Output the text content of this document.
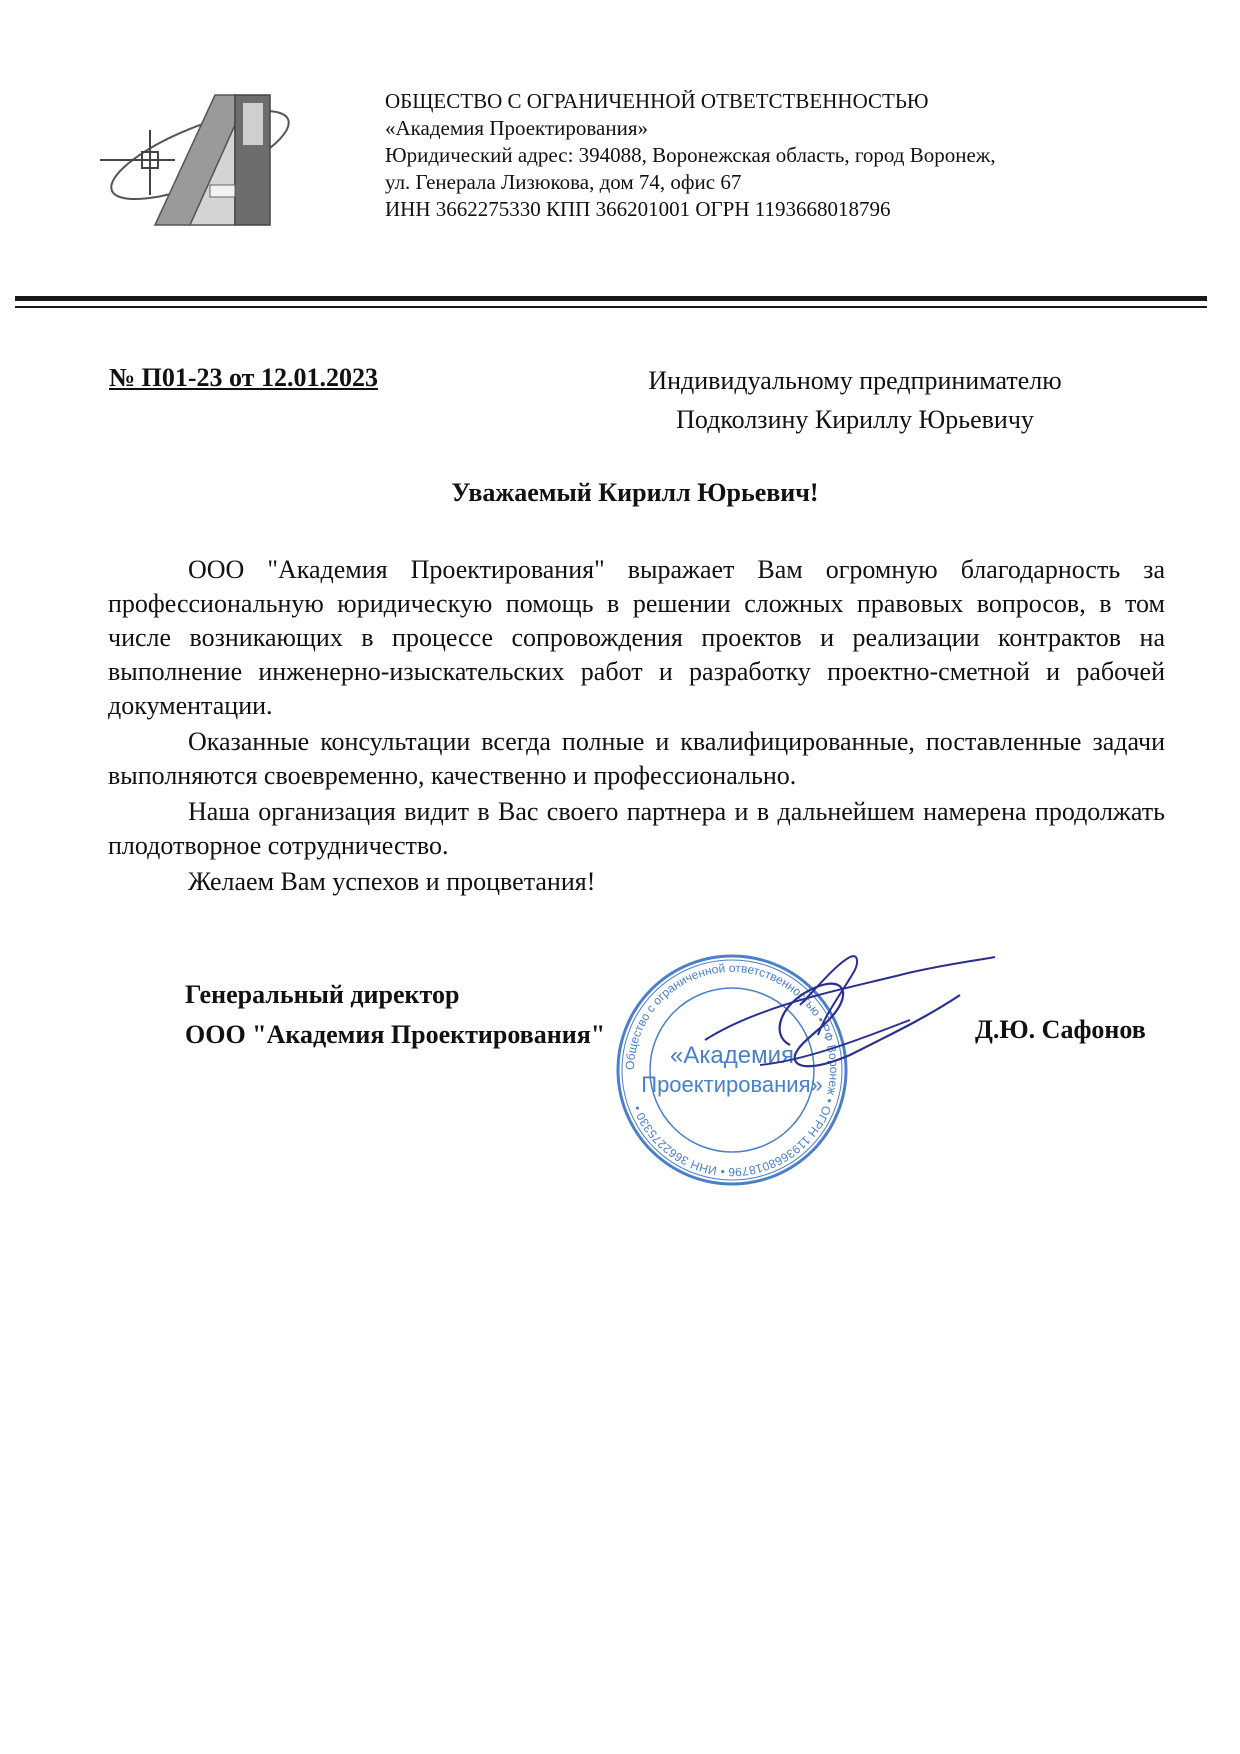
ОБЩЕСТВО С ОГРАНИЧЕННОЙ ОТВЕТСТВЕННОСТЬЮ
«Академия Проектирования»
Юридический адрес: 394088, Воронежская область, город Воронеж,
ул. Генерала Лизюкова, дом 74, офис 67
ИНН 3662275330 КПП 366201001 ОГРН 1193668018796
№ П01-23 от 12.01.2023	Индивидуальному предпринимателю
Подколзину Кириллу Юрьевичу
Уважаемый Кирилл Юрьевич!

ООО "Академия Проектирования" выражает Вам огромную благодарность за профессиональную юридическую помощь в решении сложных правовых вопросов, в том числе возникающих в процессе сопровождения проектов и реализации контрактов на выполнение инженерно-изыскательских работ и разработку проектно-сметной и рабочей документации.

Оказанные консультации всегда полные и квалифицированные, поставленные задачи выполняются своевременно, качественно и профессионально.

Наша организация видит в Вас своего партнера и в дальнейшем намерена продолжать плодотворное сотрудничество.

Желаем Вам успехов и процветания!

Общество с ограниченной ответственностью • РФ Воронеж • ОГРН 1193668018796 • ИНН 3662275330 •
«Академия
Проектирования»
Генеральный директор
ООО "Академия Проектирования"	Д.Ю. Сафонов
